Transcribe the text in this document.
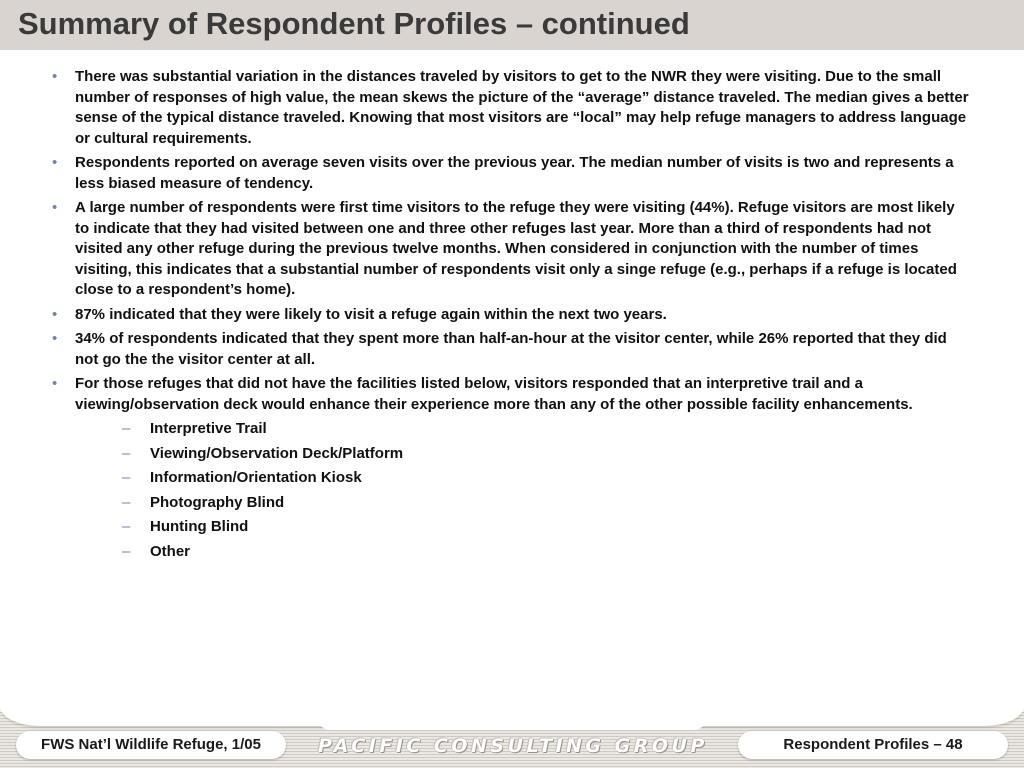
Summary of Respondent Profiles – continued
• There was substantial variation in the distances traveled by visitors to get to the NWR they were visiting. Due to the small number of responses of high value, the mean skews the picture of the “average” distance traveled. The median gives a better sense of the typical distance traveled. Knowing that most visitors are “local” may help refuge managers to address language or cultural requirements.
• Respondents reported on average seven visits over the previous year. The median number of visits is two and represents a less biased measure of tendency.
• A large number of respondents were first time visitors to the refuge they were visiting (44%). Refuge visitors are most likely to indicate that they had visited between one and three other refuges last year. More than a third of respondents had not visited any other refuge during the previous twelve months. When considered in conjunction with the number of times visiting, this indicates that a substantial number of respondents visit only a singe refuge (e.g., perhaps if a refuge is located close to a respondent’s home).
• 87% indicated that they were likely to visit a refuge again within the next two years.
• 34% of respondents indicated that they spent more than half-an-hour at the visitor center, while 26% reported that they did not go the the visitor center at all.
• For those refuges that did not have the facilities listed below, visitors responded that an interpretive trail and a viewing/observation deck would enhance their experience more than any of the other possible facility enhancements.
– Interpretive Trail
– Viewing/Observation Deck/Platform
– Information/Orientation Kiosk
– Photography Blind
– Hunting Blind
– Other
FWS Nat’l Wildlife Refuge, 1/05	PACIFIC CONSULTING GROUP	Respondent Profiles – 48
